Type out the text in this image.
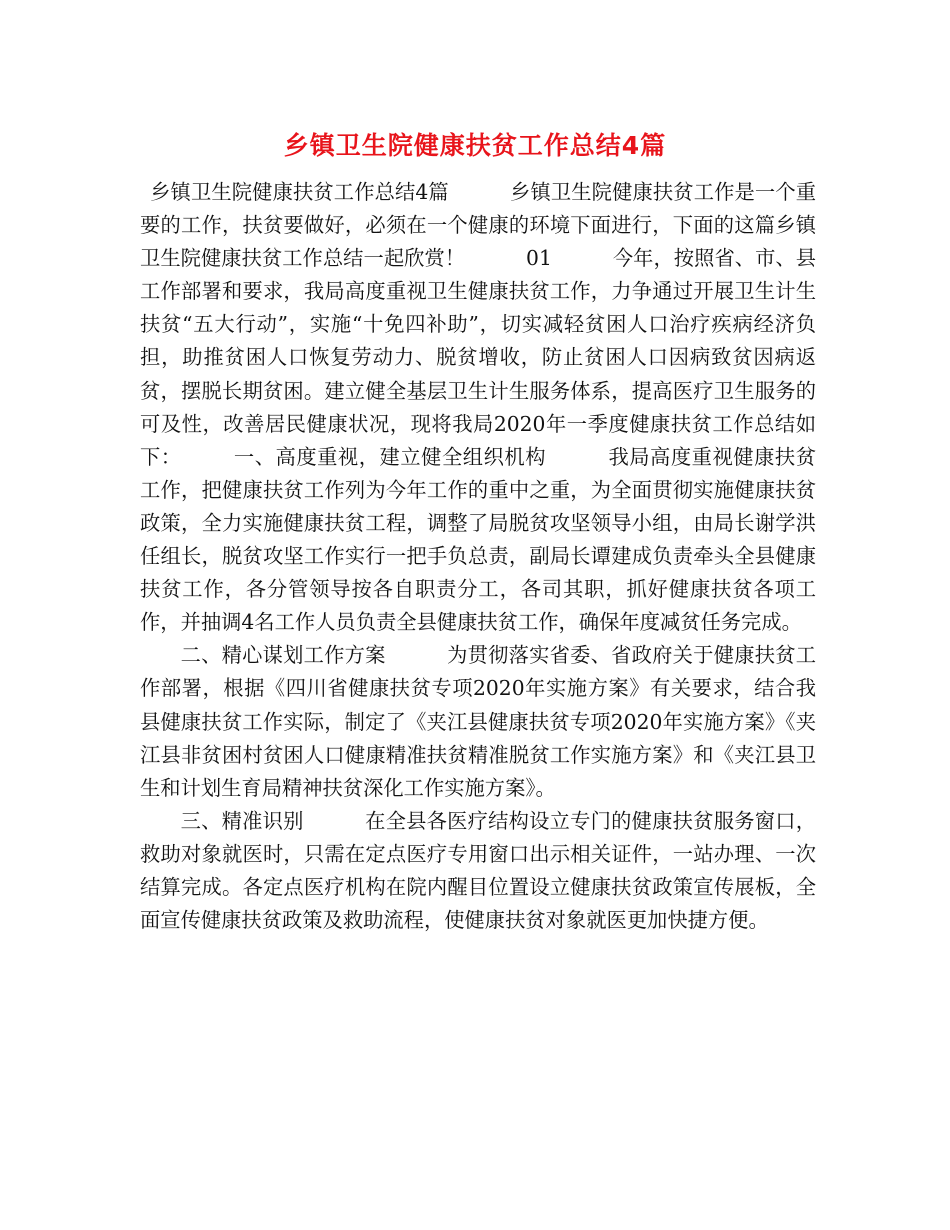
乡镇卫生院健康扶贫工作总结4篇

乡镇卫生院健康扶贫工作总结4篇　　　乡镇卫生院健康扶贫工作是一个重要的工作，扶贫要做好，必须在一个健康的环境下面进行，下面的这篇乡镇卫生院健康扶贫工作总结一起欣赏！　　　01　　　今年，按照省、市、县工作部署和要求，我局高度重视卫生健康扶贫工作，力争通过开展卫生计生扶贫“五大行动”，实施“十免四补助”，切实减轻贫困人口治疗疾病经济负担，助推贫困人口恢复劳动力、脱贫增收，防止贫困人口因病致贫因病返贫，摆脱长期贫困。建立健全基层卫生计生服务体系，提高医疗卫生服务的可及性，改善居民健康状况，现将我局2020年一季度健康扶贫工作总结如下：　　　一、高度重视，建立健全组织机构　　　我局高度重视健康扶贫工作，把健康扶贫工作列为今年工作的重中之重，为全面贯彻实施健康扶贫政策，全力实施健康扶贫工程，调整了局脱贫攻坚领导小组，由局长谢学洪任组长，脱贫攻坚工作实行一把手负总责，副局长谭建成负责牵头全县健康扶贫工作，各分管领导按各自职责分工，各司其职，抓好健康扶贫各项工作，并抽调4名工作人员负责全县健康扶贫工作，确保年度减贫任务完成。

二、精心谋划工作方案　　　为贯彻落实省委、省政府关于健康扶贫工作部署，根据《四川省健康扶贫专项2020年实施方案》有关要求，结合我县健康扶贫工作实际，制定了《夹江县健康扶贫专项2020年实施方案》《夹江县非贫困村贫困人口健康精准扶贫精准脱贫工作实施方案》和《夹江县卫生和计划生育局精神扶贫深化工作实施方案》。

三、精准识别　　　在全县各医疗结构设立专门的健康扶贫服务窗口，救助对象就医时，只需在定点医疗专用窗口出示相关证件，一站办理、一次结算完成。各定点医疗机构在院内醒目位置设立健康扶贫政策宣传展板，全面宣传健康扶贫政策及救助流程，使健康扶贫对象就医更加快捷方便。
